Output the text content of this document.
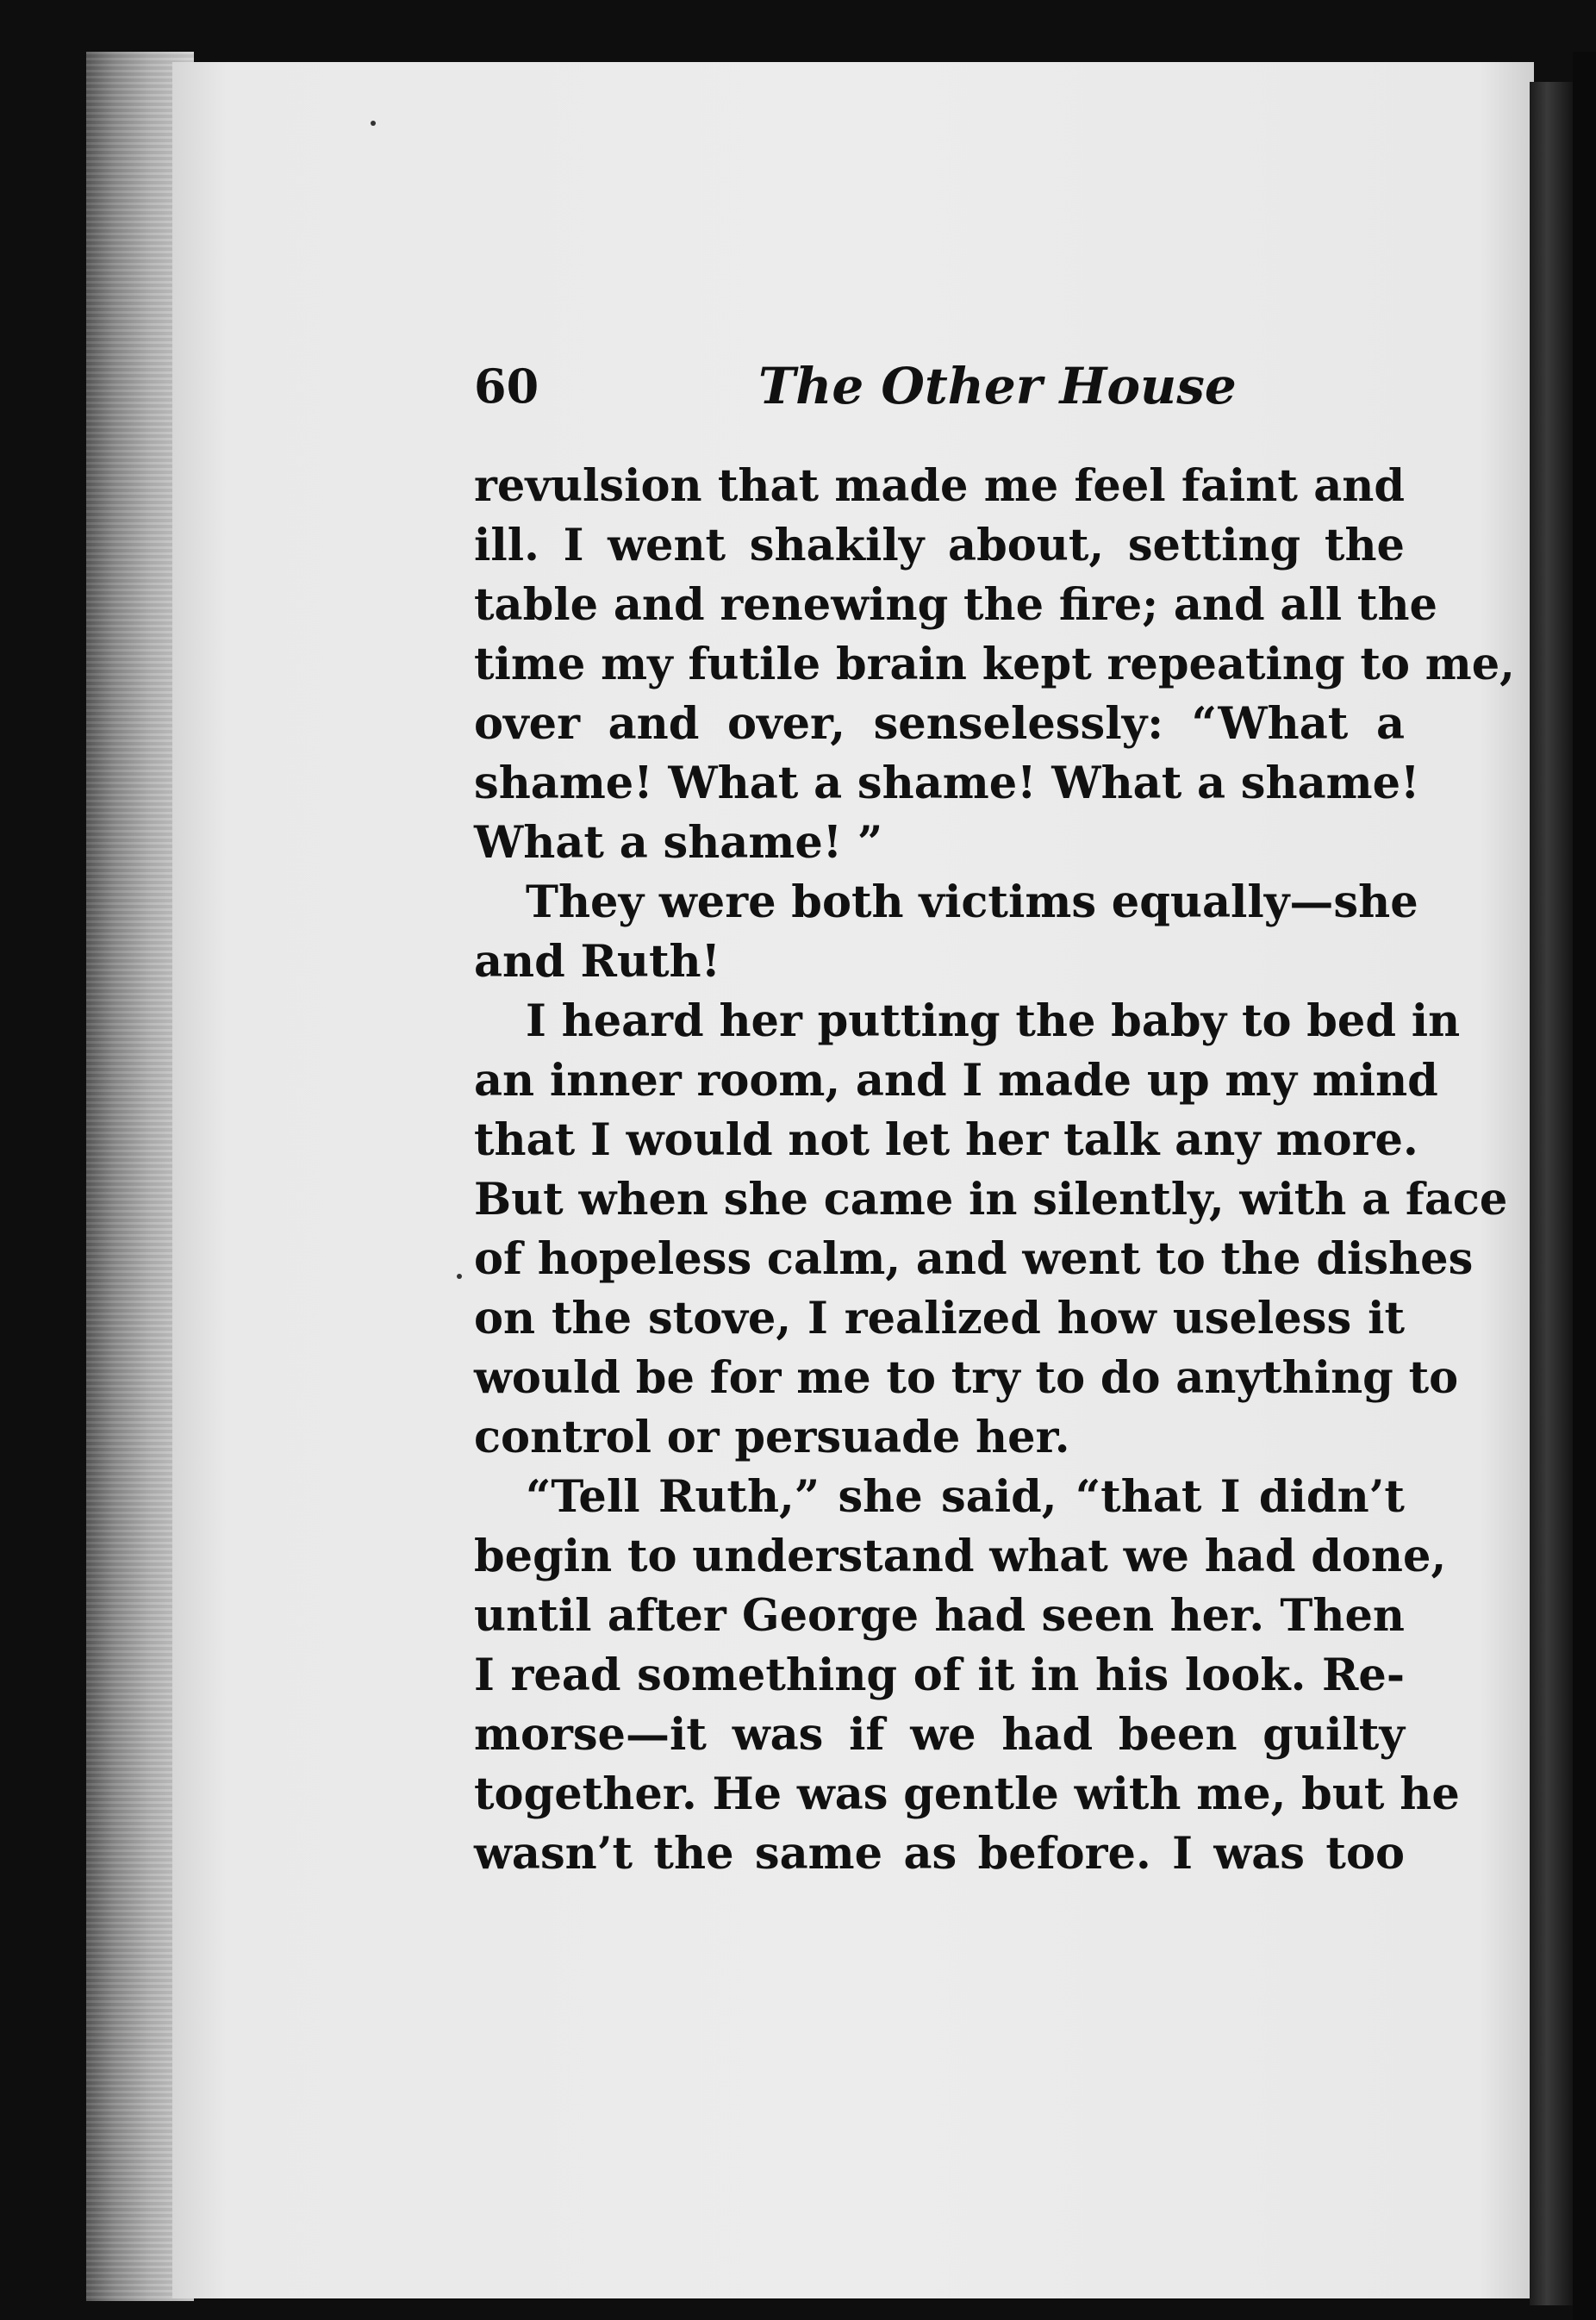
60	The Other House
revulsion that made me feel faint and
ill. I went shakily about, setting the
table and renewing the fire; and all the
time my futile brain kept repeating to me,
over and over, senselessly: “What a
shame! What a shame! What a shame!
What a shame! ”
They were both victims equally—she
and Ruth!
I heard her putting the baby to bed in
an inner room, and I made up my mind
that I would not let her talk any more.
But when she came in silently, with a face
of hopeless calm, and went to the dishes
on the stove, I realized how useless it
would be for me to try to do anything to
control or persuade her.
“Tell Ruth,” she said, “that I didn’t
begin to understand what we had done,
until after George had seen her. Then
I read something of it in his look. Re-
morse—it was if we had been guilty
together. He was gentle with me, but he
wasn’t the same as before. I was too
